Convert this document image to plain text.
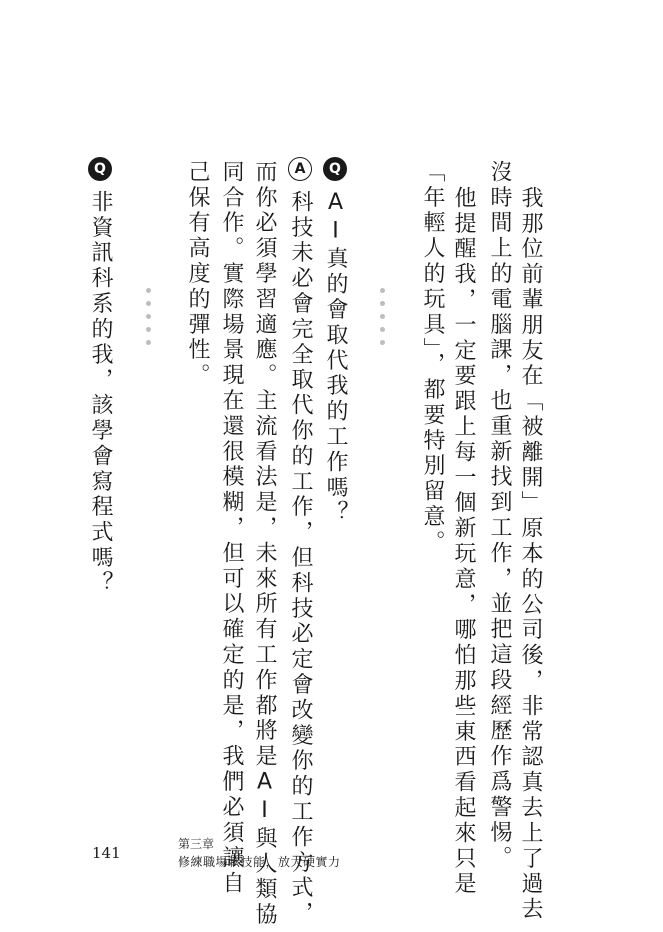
我那位前輩朋友在「被離開」原本的公司後，非常認真去上了過去

沒時間上的電腦課，也重新找到工作，並把這段經歷作爲警惕。

他提醒我，一定要跟上每一個新玩意，哪怕那些東西看起來只是

「年輕人的玩具」，都要特別留意。

Q

AI真的會取代我的工作嗎？

A

科技未必會完全取代你的工作，但科技必定會改變你的工作方式，

而你必須學習適應。主流看法是，未來所有工作都將是AI與人類協

同合作。實際場景現在還很模糊，但可以確定的是，我們必須讓自

己保有高度的彈性。

Q

非資訊科系的我，該學會寫程式嗎？

141	第三章
修練職場軟技能，放大硬實力
